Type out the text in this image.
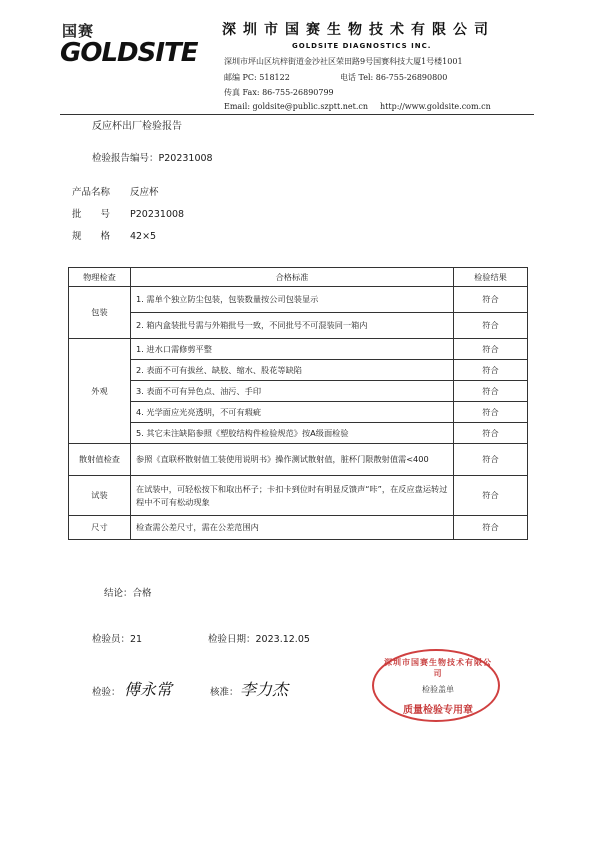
国赛
GOLDSITE
深圳市国赛生物技术有限公司
GOLDSITE DIAGNOSTICS INC.
深圳市坪山区坑梓街道金沙社区荣田路9号国赛科技大厦1号楼1001
邮编 PC: 518122	电话 Tel: 86-755-26890800
传真 Fax: 86-755-26890799
Email: goldsite@public.szptt.net.cn http://www.goldsite.com.cn
反应杯出厂检验报告
检验报告编号：P20231008
产品名称 反应杯
批　　号 P20231008
规　　格 42×5
物理检查	合格标准	检验结果
包装	1. 需单个独立防尘包装，包装数量按公司包装显示	符合
	2. 箱内盒装批号需与外箱批号一致，不同批号不可混装同一箱内	符合
外观	1. 进水口需修剪平整	符合
	2. 表面不可有拔丝、缺胶、缩水、股花等缺陷	符合
	3. 表面不可有异色点、油污、手印	符合
	4. 光学面应光亮透明，不可有瑕疵	符合
	5. 其它未注缺陷参照《塑胶结构件检验规范》按A级面检验	符合
散射值检查	参照《直联杯散射值工装使用说明书》操作测试散射值，脏杯门限散射值需<400	符合
试装	在试装中，可轻松按下和取出杯子；卡扣卡到位时有明显反馈声“咔”，在反应盘运转过程中不可有松动现象	符合
尺寸	检查需公差尺寸，需在公差范围内	符合
结论：合格
检验员：21	检验日期：2023.12.05
检验： 傅永常	核准： 李力杰
深圳市国赛生物技术有限公司
检验盖单
质量检验专用章
